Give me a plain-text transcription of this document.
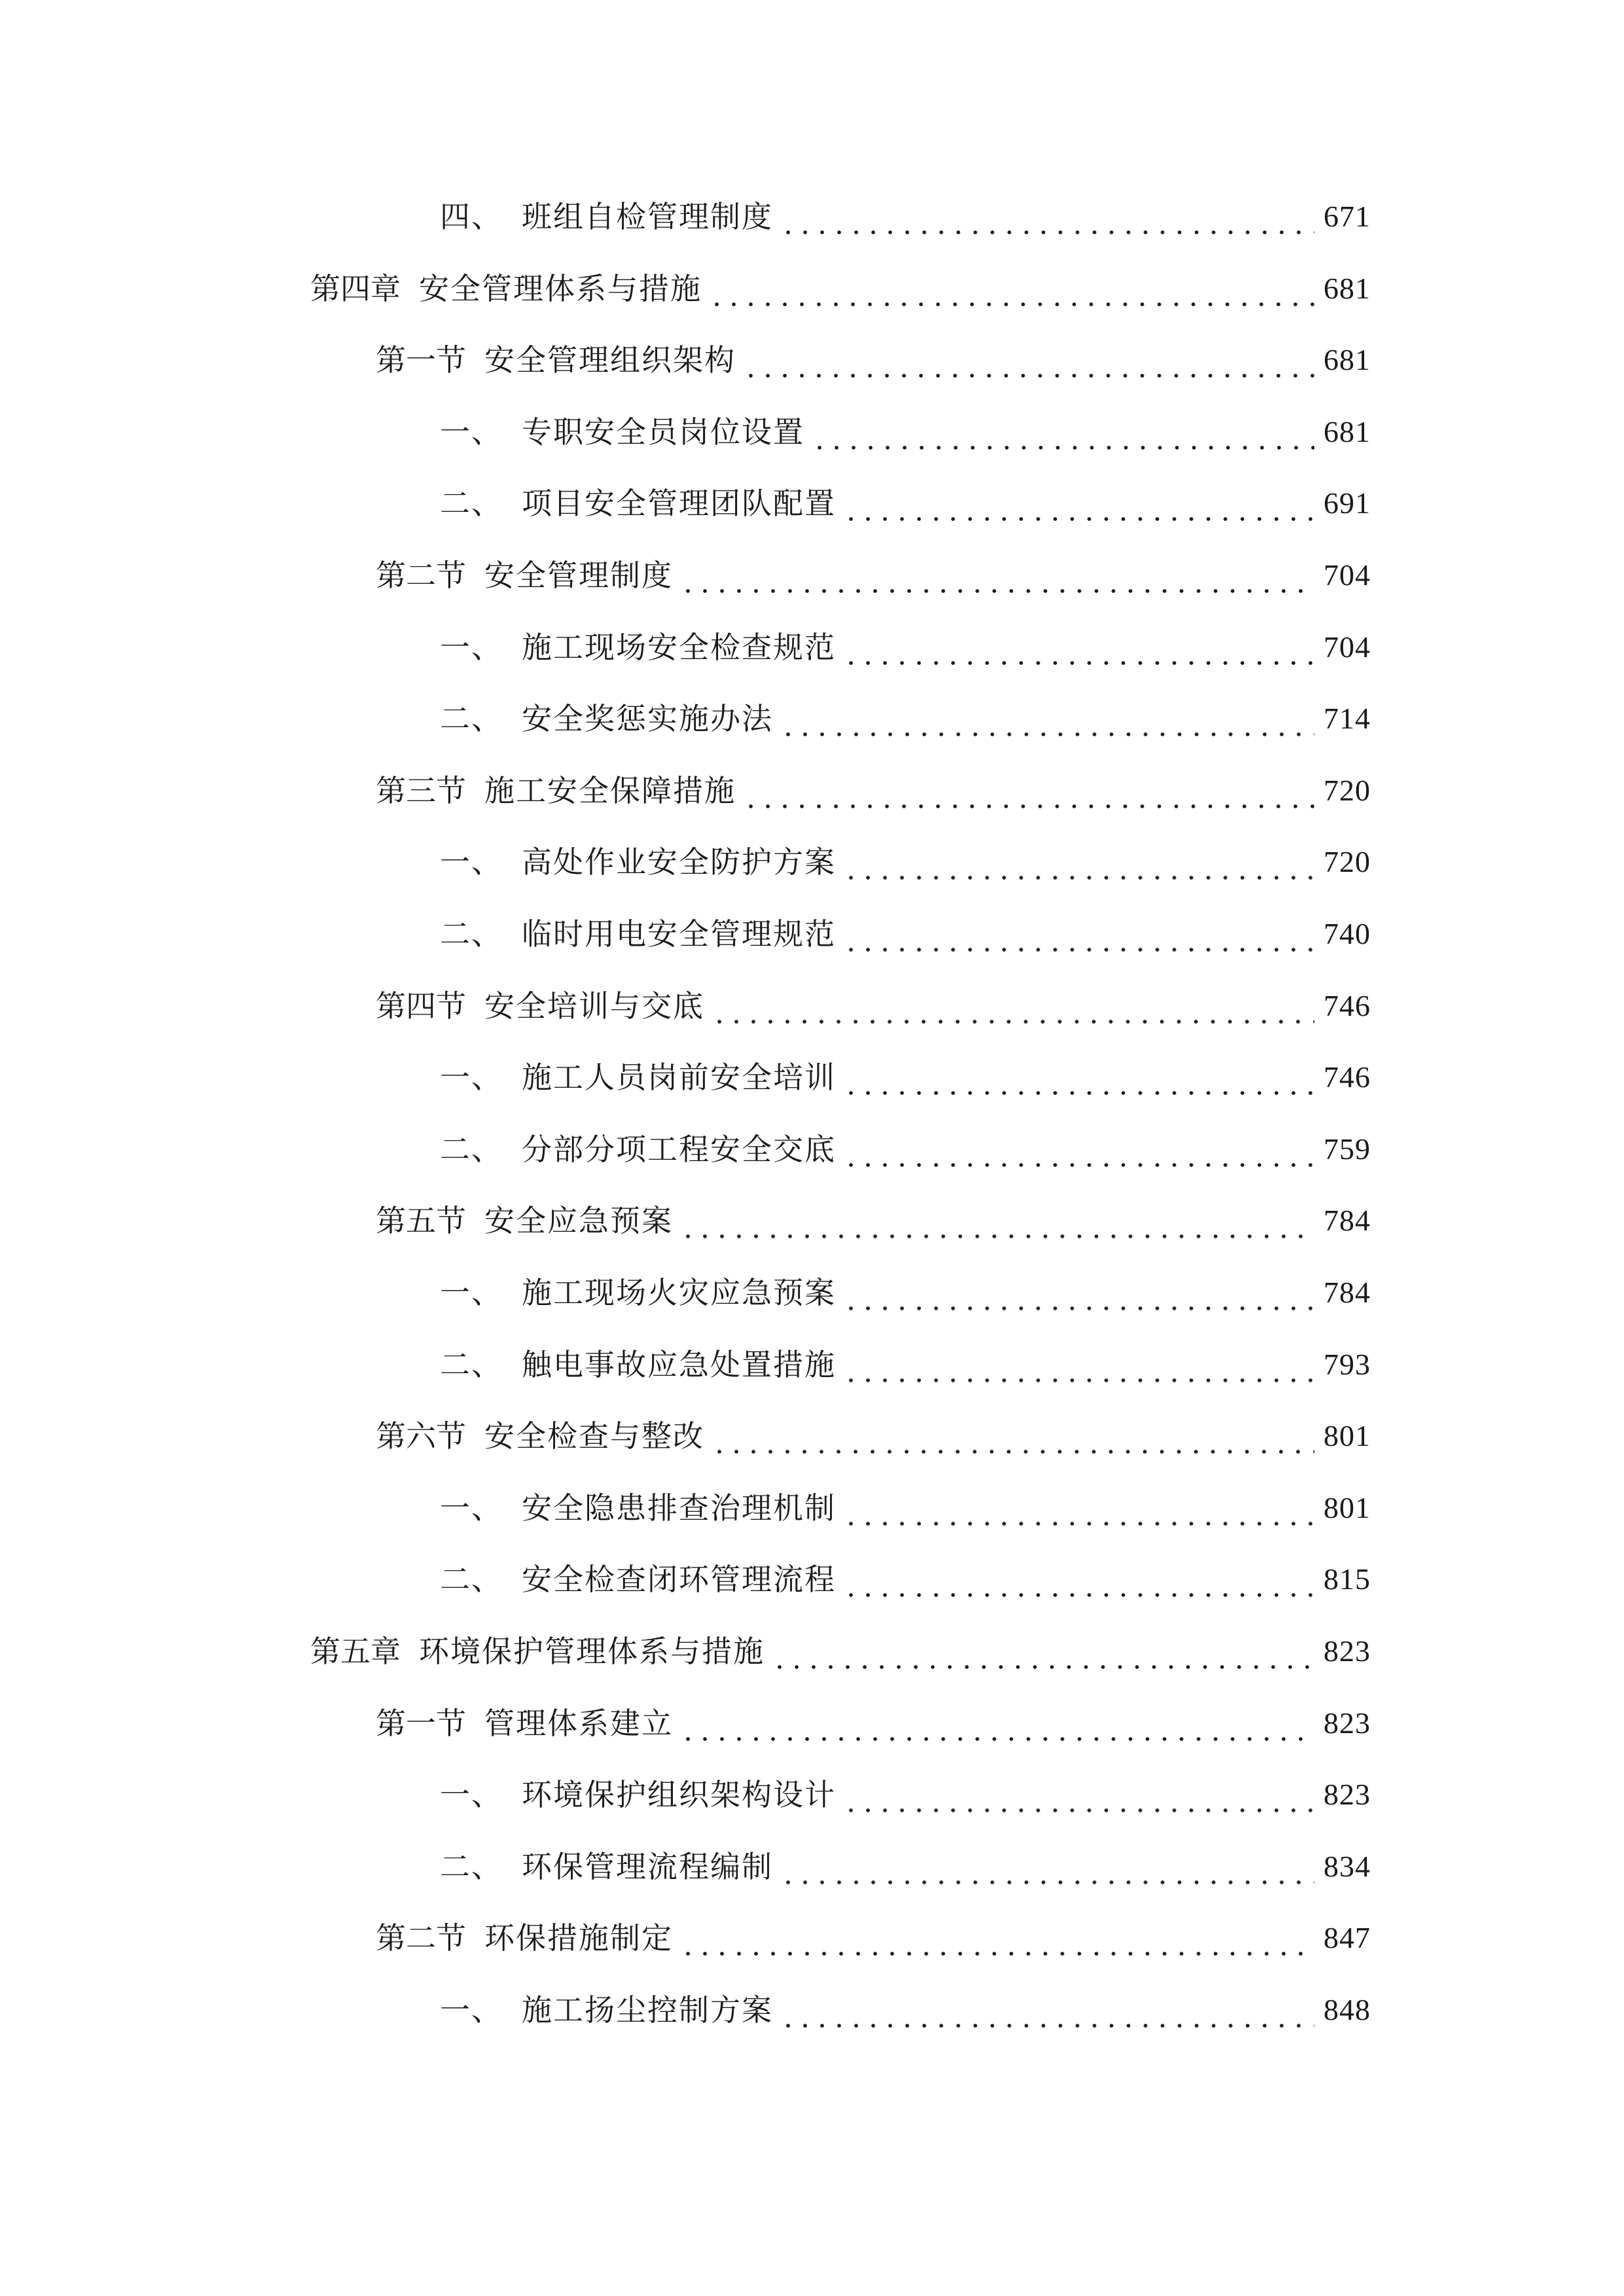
四、 班组自检管理制度	671
第四章 安全管理体系与措施	681
第一节 安全管理组织架构	681
一、 专职安全员岗位设置	681
二、 项目安全管理团队配置	691
第二节 安全管理制度	704
一、 施工现场安全检查规范	704
二、 安全奖惩实施办法	714
第三节 施工安全保障措施	720
一、 高处作业安全防护方案	720
二、 临时用电安全管理规范	740
第四节 安全培训与交底	746
一、 施工人员岗前安全培训	746
二、 分部分项工程安全交底	759
第五节 安全应急预案	784
一、 施工现场火灾应急预案	784
二、 触电事故应急处置措施	793
第六节 安全检查与整改	801
一、 安全隐患排查治理机制	801
二、 安全检查闭环管理流程	815
第五章 环境保护管理体系与措施	823
第一节 管理体系建立	823
一、 环境保护组织架构设计	823
二、 环保管理流程编制	834
第二节 环保措施制定	847
一、 施工扬尘控制方案	848
